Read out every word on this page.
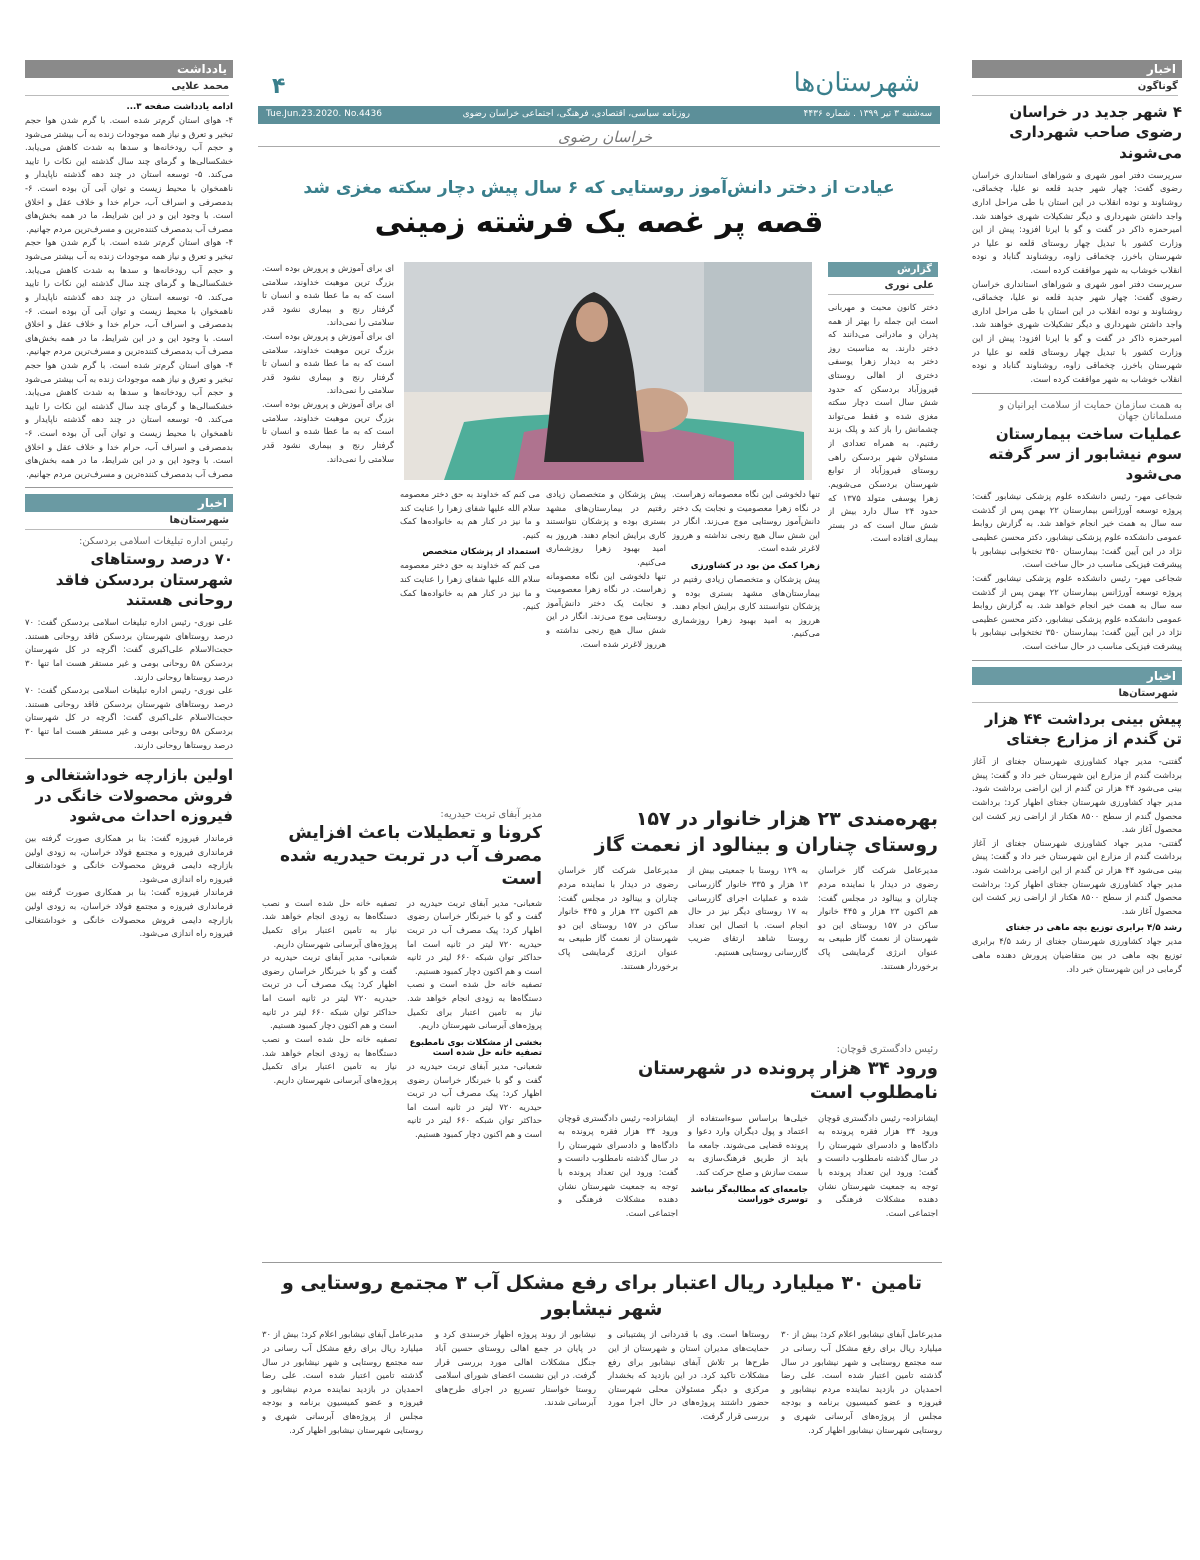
شهرستان‌ها
۴
سه‌شنبه ۳ تیر ۱۳۹۹ . شماره ۴۴۳۶
روزنامه سیاسی، اقتصادی، فرهنگی، اجتماعی خراسان رضوی
Tue.Jun.23.2020. No.4436
خراسان رضوی
اخبار
گوناگون
۴ شهر جدید در خراسان رضوی صاحب شهرداری می‌شوند

سرپرست دفتر امور شهری و شوراهای استانداری خراسان رضوی گفت: چهار شهر جدید قلعه نو علیا، چخماقی، روشناوند و نوده انقلاب در این استان با طی مراحل اداری واجد داشتن شهرداری و دیگر تشکیلات شهری خواهند شد. امیرحمزه ذاکر در گفت و گو با ایرنا افزود: پیش از این وزارت کشور با تبدیل چهار روستای قلعه نو علیا در شهرستان باخرز، چخماقی زاوه، روشناوند گناباد و نوده انقلاب خوشاب به شهر موافقت کرده است.

سرپرست دفتر امور شهری و شوراهای استانداری خراسان رضوی گفت: چهار شهر جدید قلعه نو علیا، چخماقی، روشناوند و نوده انقلاب در این استان با طی مراحل اداری واجد داشتن شهرداری و دیگر تشکیلات شهری خواهند شد. امیرحمزه ذاکر در گفت و گو با ایرنا افزود: پیش از این وزارت کشور با تبدیل چهار روستای قلعه نو علیا در شهرستان باخرز، چخماقی زاوه، روشناوند گناباد و نوده انقلاب خوشاب به شهر موافقت کرده است.

به همت سازمان حمایت از سلامت ایرانیان و مسلمانان جهان
عملیات ساخت بیمارستان سوم نیشابور از سر گرفته می‌شود

شجاعی مهر- رئیس دانشکده علوم پزشکی نیشابور گفت: پروژه توسعه آورژانس بیمارستان ۲۲ بهمن پس از گذشت سه سال به همت خیر انجام خواهد شد. به گزارش روابط عمومی دانشکده علوم پزشکی نیشابور، دکتر محسن عظیمی نژاد در این آیین گفت: بیمارستان ۳۵۰ تختخوابی نیشابور با پیشرفت فیزیکی مناسب در حال ساخت است.

شجاعی مهر- رئیس دانشکده علوم پزشکی نیشابور گفت: پروژه توسعه آورژانس بیمارستان ۲۲ بهمن پس از گذشت سه سال به همت خیر انجام خواهد شد. به گزارش روابط عمومی دانشکده علوم پزشکی نیشابور، دکتر محسن عظیمی نژاد در این آیین گفت: بیمارستان ۳۵۰ تختخوابی نیشابور با پیشرفت فیزیکی مناسب در حال ساخت است.

اخبار
شهرستان‌ها
پیش بینی برداشت ۴۴ هزار تن گندم از مزارع جغتای

گفتنی- مدیر جهاد کشاورزی شهرستان جغتای از آغاز برداشت گندم از مزارع این شهرستان خبر داد و گفت: پیش بینی می‌شود ۴۴ هزار تن گندم از این اراضی برداشت شود. مدیر جهاد کشاورزی شهرستان جغتای اظهار کرد: برداشت محصول گندم از سطح ۸۵۰۰ هکتار از اراضی زیر کشت این محصول آغاز شد.

گفتنی- مدیر جهاد کشاورزی شهرستان جغتای از آغاز برداشت گندم از مزارع این شهرستان خبر داد و گفت: پیش بینی می‌شود ۴۴ هزار تن گندم از این اراضی برداشت شود. مدیر جهاد کشاورزی شهرستان جغتای اظهار کرد: برداشت محصول گندم از سطح ۸۵۰۰ هکتار از اراضی زیر کشت این محصول آغاز شد.

رشد ۴/۵ برابری توزیع بچه ماهی در جغتای

مدیر جهاد کشاورزی شهرستان جغتای از رشد ۴/۵ برابری توزیع بچه ماهی در بین متقاضیان پرورش دهنده ماهی گرمابی در این شهرستان خبر داد.

یادداشت
محمد علایی
ادامه یادداشت صفحه ۳...

۴- هوای استان گرم‌تر شده است. با گرم شدن هوا حجم تبخیر و تعرق و نیاز همه موجودات زنده به آب بیشتر می‌شود و حجم آب رودخانه‌ها و سدها به شدت کاهش می‌یابد. خشکسالی‌ها و گرمای چند سال گذشته این نکات را تایید می‌کند. ۵- توسعه استان در چند دهه گذشته ناپایدار و ناهمخوان با محیط زیست و توان آبی آن بوده است. ۶- بدمصرفی و اسراف آب، حرام خدا و خلاف عقل و اخلاق است. با وجود این و در این شرایط، ما در همه بخش‌های مصرف آب بدمصرف کننده‌ترین و مسرف‌ترین مردم جهانیم.

۴- هوای استان گرم‌تر شده است. با گرم شدن هوا حجم تبخیر و تعرق و نیاز همه موجودات زنده به آب بیشتر می‌شود و حجم آب رودخانه‌ها و سدها به شدت کاهش می‌یابد. خشکسالی‌ها و گرمای چند سال گذشته این نکات را تایید می‌کند. ۵- توسعه استان در چند دهه گذشته ناپایدار و ناهمخوان با محیط زیست و توان آبی آن بوده است. ۶- بدمصرفی و اسراف آب، حرام خدا و خلاف عقل و اخلاق است. با وجود این و در این شرایط، ما در همه بخش‌های مصرف آب بدمصرف کننده‌ترین و مسرف‌ترین مردم جهانیم.

۴- هوای استان گرم‌تر شده است. با گرم شدن هوا حجم تبخیر و تعرق و نیاز همه موجودات زنده به آب بیشتر می‌شود و حجم آب رودخانه‌ها و سدها به شدت کاهش می‌یابد. خشکسالی‌ها و گرمای چند سال گذشته این نکات را تایید می‌کند. ۵- توسعه استان در چند دهه گذشته ناپایدار و ناهمخوان با محیط زیست و توان آبی آن بوده است. ۶- بدمصرفی و اسراف آب، حرام خدا و خلاف عقل و اخلاق است. با وجود این و در این شرایط، ما در همه بخش‌های مصرف آب بدمصرف کننده‌ترین و مسرف‌ترین مردم جهانیم.

اخبار
شهرستان‌ها
رئیس اداره تبلیغات اسلامی بردسکن:
۷۰ درصد روستاهای شهرستان بردسکن فاقد روحانی هستند

علی نوری- رئیس اداره تبلیغات اسلامی بردسکن گفت: ۷۰ درصد روستاهای شهرستان بردسکن فاقد روحانی هستند. حجت‌الاسلام علی‌اکبری گفت: اگرچه در کل شهرستان بردسکن ۵۸ روحانی بومی و غیر مستقر هست اما تنها ۳۰ درصد روستاها روحانی دارند.

علی نوری- رئیس اداره تبلیغات اسلامی بردسکن گفت: ۷۰ درصد روستاهای شهرستان بردسکن فاقد روحانی هستند. حجت‌الاسلام علی‌اکبری گفت: اگرچه در کل شهرستان بردسکن ۵۸ روحانی بومی و غیر مستقر هست اما تنها ۳۰ درصد روستاها روحانی دارند.

اولین بازارچه خوداشتغالی و فروش محصولات خانگی در فیروزه احداث می‌شود

فرماندار فیروزه گفت: بنا بر همکاری صورت گرفته بین فرمانداری فیروزه و مجتمع فولاد خراسان، به زودی اولین بازارچه دایمی فروش محصولات خانگی و خوداشتغالی فیروزه راه اندازی می‌شود.

فرماندار فیروزه گفت: بنا بر همکاری صورت گرفته بین فرمانداری فیروزه و مجتمع فولاد خراسان، به زودی اولین بازارچه دایمی فروش محصولات خانگی و خوداشتغالی فیروزه راه اندازی می‌شود.

عیادت از دختر دانش‌آموز روستایی که ۶ سال پیش دچار سکته مغزی شد
قصه پر غصه یک فرشته زمینی
گزارش
علی نوری

دختر کانون محبت و مهربانی است این جمله را بهتر از همه پدران و مادرانی می‌دانند که دختر دارند. به مناسبت روز دختر به دیدار زهرا یوسفی دختری از اهالی روستای فیروزآباد بردسکن که حدود شش سال است دچار سکته مغزی شده و فقط می‌تواند چشمانش را باز کند و پلک بزند رفتیم. به همراه تعدادی از مسئولان شهر بردسکن راهی روستای فیروزآباد از توابع شهرستان بردسکن می‌شویم. زهرا یوسفی متولد ۱۳۷۵ که حدود ۲۴ سال دارد بیش از شش سال است که در بستر بیماری افتاده است.

تنها دلخوشی این نگاه معصومانه زهراست. در نگاه زهرا معصومیت و نجابت یک دختر دانش‌آموز روستایی موج می‌زند. انگار در این شش سال هیچ رنجی نداشته و هرروز لاغرتر شده است.

زهرا کمک من بود در کشاورزی

پیش پزشکان و متخصصان زیادی رفتیم در بیمارستان‌های مشهد بستری بوده و پزشکان نتوانستند کاری برایش انجام دهند. هرروز به امید بهبود زهرا روزشماری می‌کنیم.

پیش پزشکان و متخصصان زیادی رفتیم در بیمارستان‌های مشهد بستری بوده و پزشکان نتوانستند کاری برایش انجام دهند. هرروز به امید بهبود زهرا روزشماری می‌کنیم.

تنها دلخوشی این نگاه معصومانه زهراست. در نگاه زهرا معصومیت و نجابت یک دختر دانش‌آموز روستایی موج می‌زند. انگار در این شش سال هیچ رنجی نداشته و هرروز لاغرتر شده است.

می کنم که خداوند به حق دختر معصومه سلام الله علیها شفای زهرا را عنایت کند و ما نیز در کنار هم به خانواده‌ها کمک کنیم.

استمداد از پزشکان متخصص

می کنم که خداوند به حق دختر معصومه سلام الله علیها شفای زهرا را عنایت کند و ما نیز در کنار هم به خانواده‌ها کمک کنیم.

ای برای آموزش و پرورش بوده است. بزرگ ترین موهبت خداوند، سلامتی است که به ما عطا شده و انسان تا گرفتار رنج و بیماری نشود قدر سلامتی را نمی‌داند.

ای برای آموزش و پرورش بوده است. بزرگ ترین موهبت خداوند، سلامتی است که به ما عطا شده و انسان تا گرفتار رنج و بیماری نشود قدر سلامتی را نمی‌داند.

ای برای آموزش و پرورش بوده است. بزرگ ترین موهبت خداوند، سلامتی است که به ما عطا شده و انسان تا گرفتار رنج و بیماری نشود قدر سلامتی را نمی‌داند.

بهره‌مندی ۲۳ هزار خانوار در ۱۵۷ روستای چناران و بینالود از نعمت گاز

مدیرعامل شرکت گاز خراسان رضوی در دیدار با نماینده مردم چناران و بینالود در مجلس گفت: هم اکنون ۲۳ هزار و ۴۴۵ خانوار ساکن در ۱۵۷ روستای این دو شهرستان از نعمت گاز طبیعی به عنوان انرژی گرمایشی پاک برخوردار هستند.

به ۱۲۹ روستا با جمعیتی بیش از ۱۳ هزار و ۳۳۵ خانوار گازرسانی شده و عملیات اجرای گازرسانی به ۱۷ روستای دیگر نیز در حال انجام است. با اتصال این تعداد روستا شاهد ارتقای ضریب گازرسانی روستایی هستیم.

مدیرعامل شرکت گاز خراسان رضوی در دیدار با نماینده مردم چناران و بینالود در مجلس گفت: هم اکنون ۲۳ هزار و ۴۴۵ خانوار ساکن در ۱۵۷ روستای این دو شهرستان از نعمت گاز طبیعی به عنوان انرژی گرمایشی پاک برخوردار هستند.

مدیر آبفای تربت حیدریه:
کرونا و تعطیلات باعث افزایش مصرف آب در تربت حیدریه شده است

شعبانی- مدیر آبفای تربت حیدریه در گفت و گو با خبرنگار خراسان رضوی اظهار کرد: پیک مصرف آب در تربت حیدریه ۷۲۰ لیتر در ثانیه است اما حداکثر توان شبکه ۶۶۰ لیتر در ثانیه است و هم اکنون دچار کمبود هستیم.

تصفیه خانه حل شده است و نصب دستگاه‌ها به زودی انجام خواهد شد. نیاز به تامین اعتبار برای تکمیل پروژه‌های آبرسانی شهرستان داریم.

بخشی از مشکلات بوی نامطبوع تصفیه خانه حل شده است

شعبانی- مدیر آبفای تربت حیدریه در گفت و گو با خبرنگار خراسان رضوی اظهار کرد: پیک مصرف آب در تربت حیدریه ۷۲۰ لیتر در ثانیه است اما حداکثر توان شبکه ۶۶۰ لیتر در ثانیه است و هم اکنون دچار کمبود هستیم.

تصفیه خانه حل شده است و نصب دستگاه‌ها به زودی انجام خواهد شد. نیاز به تامین اعتبار برای تکمیل پروژه‌های آبرسانی شهرستان داریم.

شعبانی- مدیر آبفای تربت حیدریه در گفت و گو با خبرنگار خراسان رضوی اظهار کرد: پیک مصرف آب در تربت حیدریه ۷۲۰ لیتر در ثانیه است اما حداکثر توان شبکه ۶۶۰ لیتر در ثانیه است و هم اکنون دچار کمبود هستیم.

تصفیه خانه حل شده است و نصب دستگاه‌ها به زودی انجام خواهد شد. نیاز به تامین اعتبار برای تکمیل پروژه‌های آبرسانی شهرستان داریم.

رئیس دادگستری قوچان:
ورود ۳۴ هزار پرونده در شهرستان نامطلوب است

ایشانزاده- رئیس دادگستری قوچان ورود ۳۴ هزار فقره پرونده به دادگاه‌ها و دادسرای شهرستان را در سال گذشته نامطلوب دانست و گفت: ورود این تعداد پرونده با توجه به جمعیت شهرستان نشان دهنده مشکلات فرهنگی و اجتماعی است.

خیلی‌ها براساس سوءاستفاده از اعتماد و پول دیگران وارد دعوا و پرونده قضایی می‌شوند. جامعه ما باید از طریق فرهنگ‌سازی به سمت سازش و صلح حرکت کند.

جامعه‌ای که مطالبه‌گر نباشد توسری خوراست

ایشانزاده- رئیس دادگستری قوچان ورود ۳۴ هزار فقره پرونده به دادگاه‌ها و دادسرای شهرستان را در سال گذشته نامطلوب دانست و گفت: ورود این تعداد پرونده با توجه به جمعیت شهرستان نشان دهنده مشکلات فرهنگی و اجتماعی است.

تامین ۳۰ میلیارد ریال اعتبار برای رفع مشکل آب ۳ مجتمع روستایی و شهر نیشابور

مدیرعامل آبفای نیشابور اعلام کرد: بیش از ۳۰ میلیارد ریال برای رفع مشکل آب رسانی در سه مجتمع روستایی و شهر نیشابور در سال گذشته تامین اعتبار شده است. علی رضا احمدیان در بازدید نماینده مردم نیشابور و فیروزه و عضو کمیسیون برنامه و بودجه مجلس از پروژه‌های آبرسانی شهری و روستایی شهرستان نیشابور اظهار کرد.

روستاها است. وی با قدردانی از پشتیبانی و حمایت‌های مدیران استان و شهرستان از این طرح‌ها بر تلاش آبفای نیشابور برای رفع مشکلات تاکید کرد. در این بازدید که بخشدار مرکزی و دیگر مسئولان محلی شهرستان حضور داشتند پروژه‌های در حال اجرا مورد بررسی قرار گرفت.

نیشابور از روند پروژه اظهار خرسندی کرد و در پایان در جمع اهالی روستای حسین آباد جنگل مشکلات اهالی مورد بررسی قرار گرفت. در این نشست اعضای شورای اسلامی روستا خواستار تسریع در اجرای طرح‌های آبرسانی شدند.

مدیرعامل آبفای نیشابور اعلام کرد: بیش از ۳۰ میلیارد ریال برای رفع مشکل آب رسانی در سه مجتمع روستایی و شهر نیشابور در سال گذشته تامین اعتبار شده است. علی رضا احمدیان در بازدید نماینده مردم نیشابور و فیروزه و عضو کمیسیون برنامه و بودجه مجلس از پروژه‌های آبرسانی شهری و روستایی شهرستان نیشابور اظهار کرد.
